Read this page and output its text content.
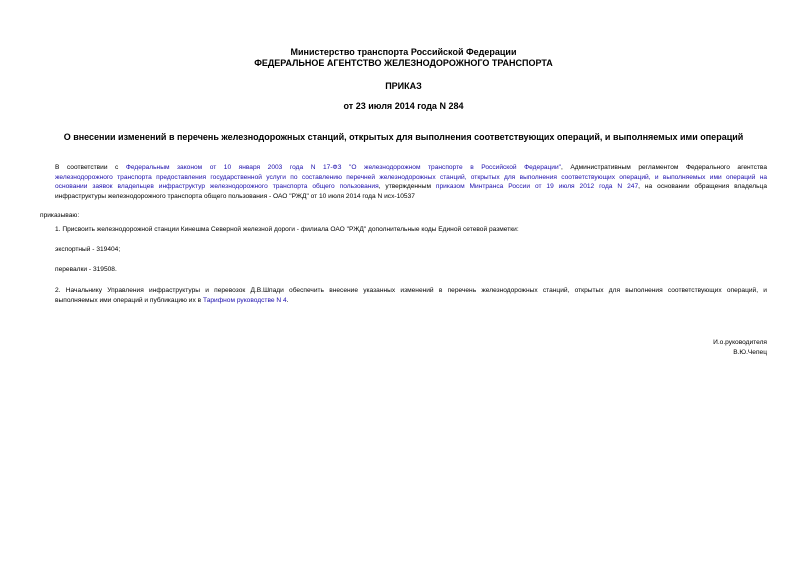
Министерство транспорта Российской Федерации
ФЕДЕРАЛЬНОЕ АГЕНТСТВО ЖЕЛЕЗНОДОРОЖНОГО ТРАНСПОРТА
ПРИКАЗ
от 23 июля 2014 года N 284
О внесении изменений в перечень железнодорожных станций, открытых для выполнения соответствующих операций, и выполняемых ими операций
В соответствии с Федеральным законом от 10 января 2003 года N 17-ФЗ "О железнодорожном транспорте в Российской Федерации", Административным регламентом Федерального агентства
железнодорожного транспорта предоставления государственной услуги по составлению перечней железнодорожных станций, открытых для выполнения соответствующих операций, и выполняемых ими операций на
основании заявок владельцев инфраструктур железнодорожного транспорта общего пользования, утвержденным приказом Минтранса России от 19 июля 2012 года N 247, на основании обращения владельца
инфраструктуры железнодорожного транспорта общего пользования - ОАО "РЖД" от 10 июля 2014 года N исх-10537
приказываю:
1. Присвоить железнодорожной станции Кинешма Северной железной дороги - филиала ОАО "РЖД" дополнительные коды Единой сетевой разметки:
экспортный - 319404;
перевалки - 319508.
2. Начальнику Управления инфраструктуры и перевозок Д.В.Шпади обеспечить внесение указанных изменений в перечень железнодорожных станций, открытых для выполнения соответствующих операций, и
выполняемых ими операций и публикацию их в Тарифном руководстве N 4.
И.о.руководителя
В.Ю.Чепец
